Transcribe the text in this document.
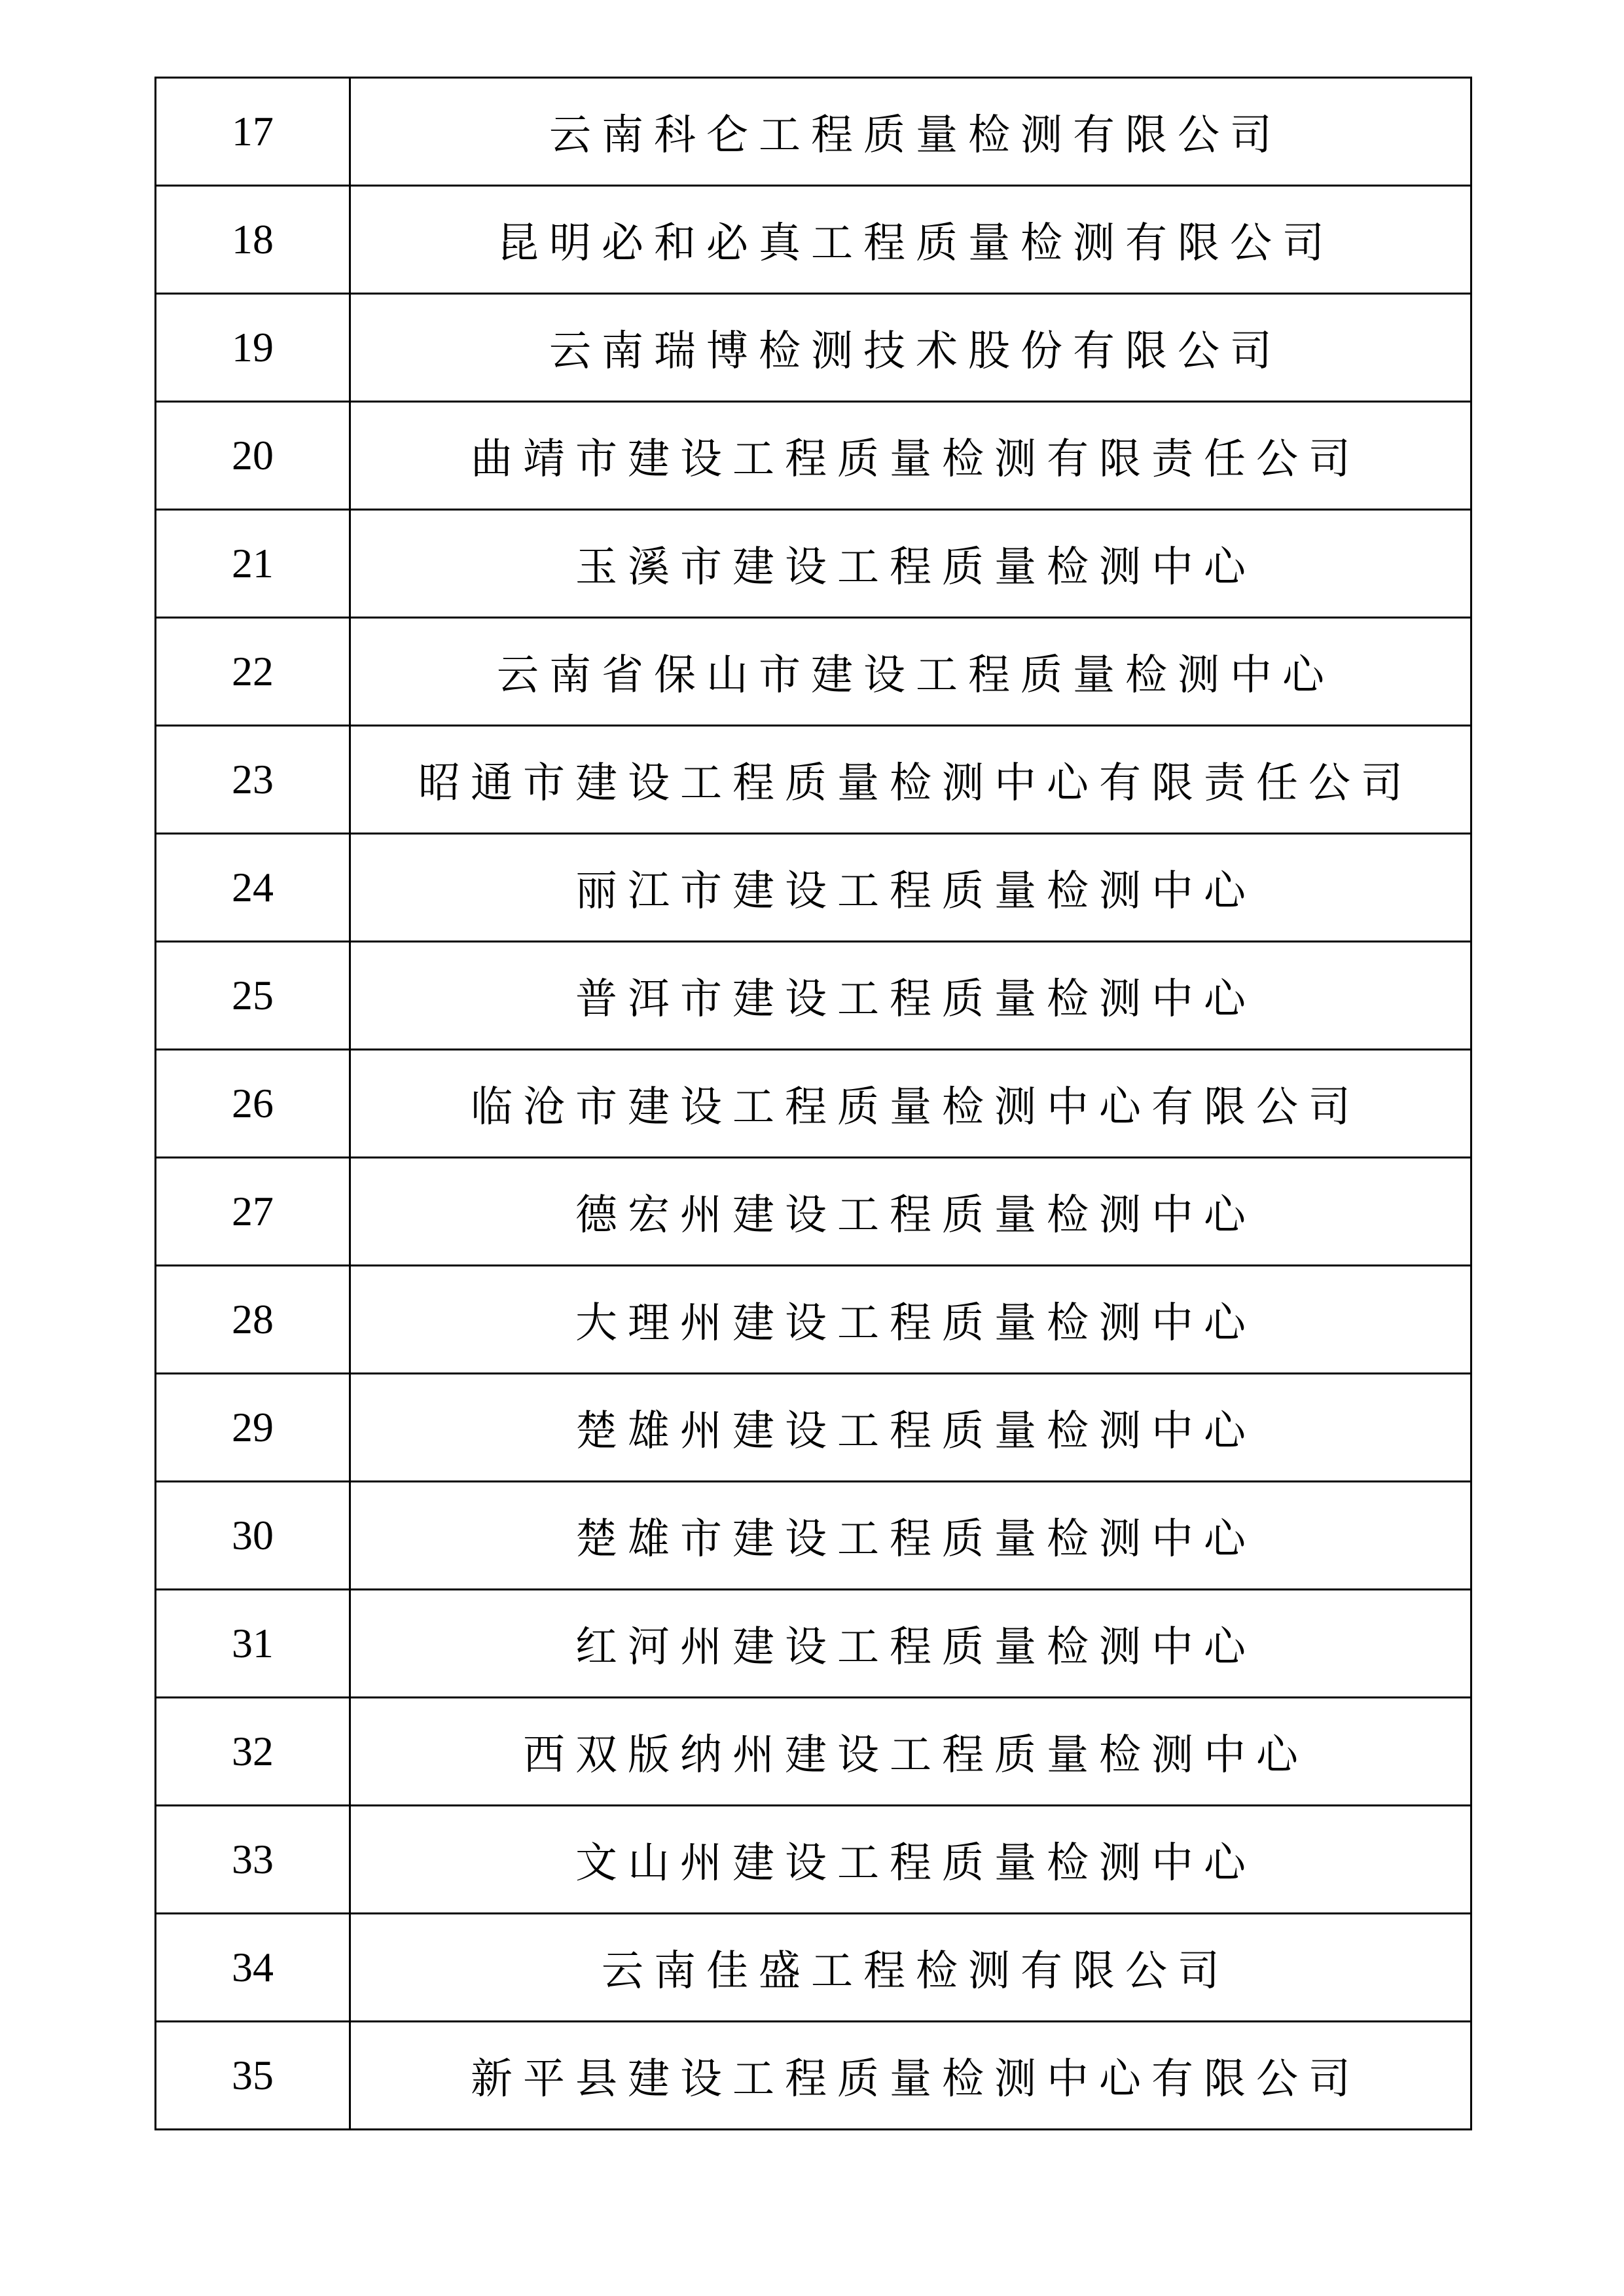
17	云南科仑工程质量检测有限公司
18	昆明必和必真工程质量检测有限公司
19	云南瑞博检测技术股份有限公司
20	曲靖市建设工程质量检测有限责任公司
21	玉溪市建设工程质量检测中心
22	云南省保山市建设工程质量检测中心
23	昭通市建设工程质量检测中心有限责任公司
24	丽江市建设工程质量检测中心
25	普洱市建设工程质量检测中心
26	临沧市建设工程质量检测中心有限公司
27	德宏州建设工程质量检测中心
28	大理州建设工程质量检测中心
29	楚雄州建设工程质量检测中心
30	楚雄市建设工程质量检测中心
31	红河州建设工程质量检测中心
32	西双版纳州建设工程质量检测中心
33	文山州建设工程质量检测中心
34	云南佳盛工程检测有限公司
35	新平县建设工程质量检测中心有限公司
